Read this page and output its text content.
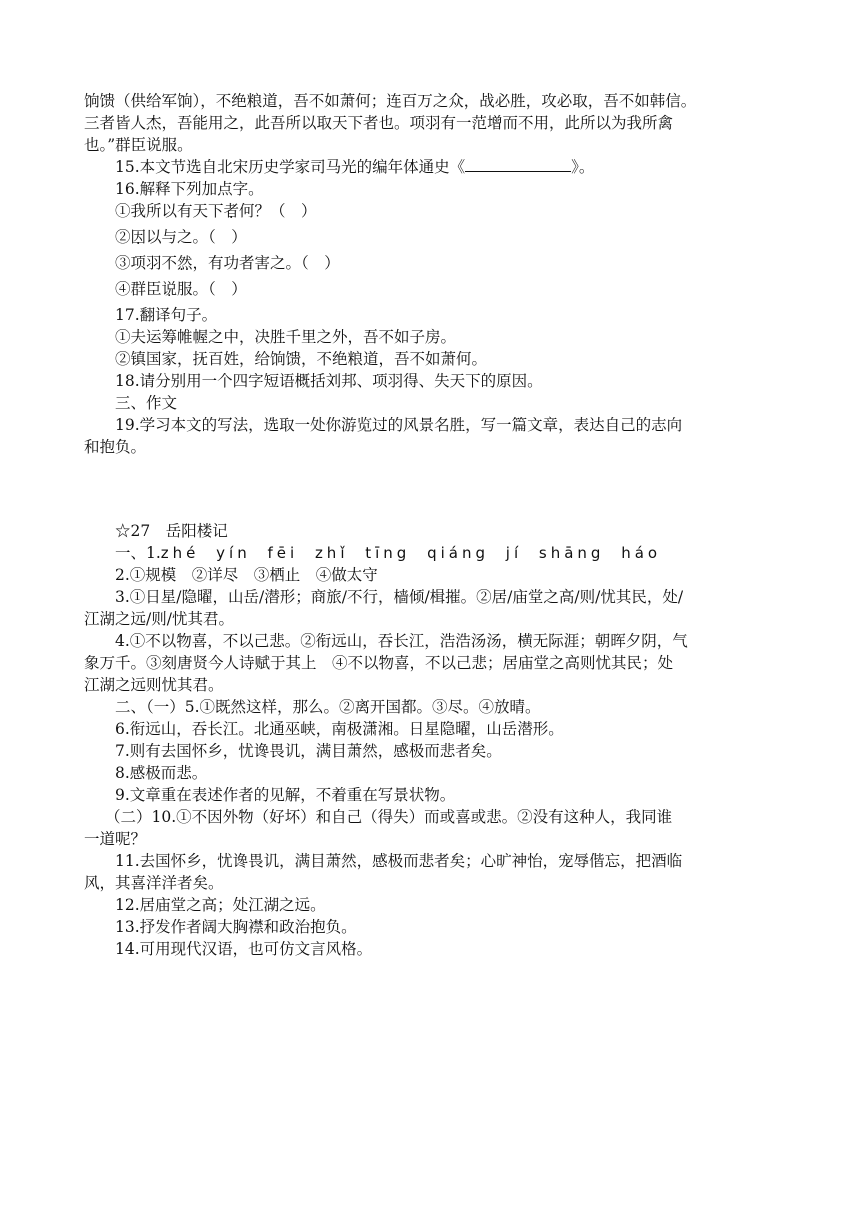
饷馈（供给军饷），不绝粮道，吾不如萧何；连百万之众，战必胜，攻必取，吾不如韩信。
三者皆人杰，吾能用之，此吾所以取天下者也。项羽有一范增而不用，此所以为我所禽
也。”群臣说服。
15.本文节选自北宋历史学家司马光的编年体通史《	》。
16.解释下列加点字。
①我所以有天下者何？（　）
②因以与之。（　）
③项羽不然 ··，有功者害之。（　）
④群臣说服。（　）
17.翻译句子。
①夫运筹帷幄之中，决胜千里之外，吾不如子房。
②镇国家，抚百姓，给饷馈，不绝粮道，吾不如萧何。
18.请分别用一个四字短语概括刘邦、项羽得、失天下的原因。
三、作文
19.学习本文的写法，选取一处你游览过的风景名胜，写一篇文章，表达自己的志向
和抱负。
☆27　岳阳楼记
一、1.zhé yín fēi zhǐ tīng qiáng jí shāng háo
2.①规模　②详尽　③栖止　④做太守
3.①日星/隐曜，山岳/潜形；商旅/不行，樯倾/楫摧。②居/庙堂之高/则/忧其民，处/
江湖之远/则/忧其君。
4.①不以物喜，不以己悲。②衔远山，吞长江，浩浩汤汤，横无际涯；朝晖夕阴，气
象万千。③刻唐贤今人诗赋于其上　④不以物喜，不以己悲；居庙堂之高则忧其民；处
江湖之远则忧其君。
二、（一）5.①既然这样，那么。②离开国都。③尽。④放晴。
6.衔远山，吞长江。北通巫峡，南极潇湘。日星隐曜，山岳潜形。
7.则有去国怀乡，忧谗畏讥，满目萧然，感极而悲者矣。
8.感极而悲。
9.文章重在表述作者的见解，不着重在写景状物。
（二）10.①不因外物（好坏）和自己（得失）而或喜或悲。②没有这种人，我同谁
一道呢？
11.去国怀乡，忧谗畏讥，满目萧然，感极而悲者矣；心旷神怡，宠辱偕忘，把酒临
风，其喜洋洋者矣。
12.居庙堂之高；处江湖之远。
13.抒发作者阔大胸襟和政治抱负。
14.可用现代汉语，也可仿文言风格。
